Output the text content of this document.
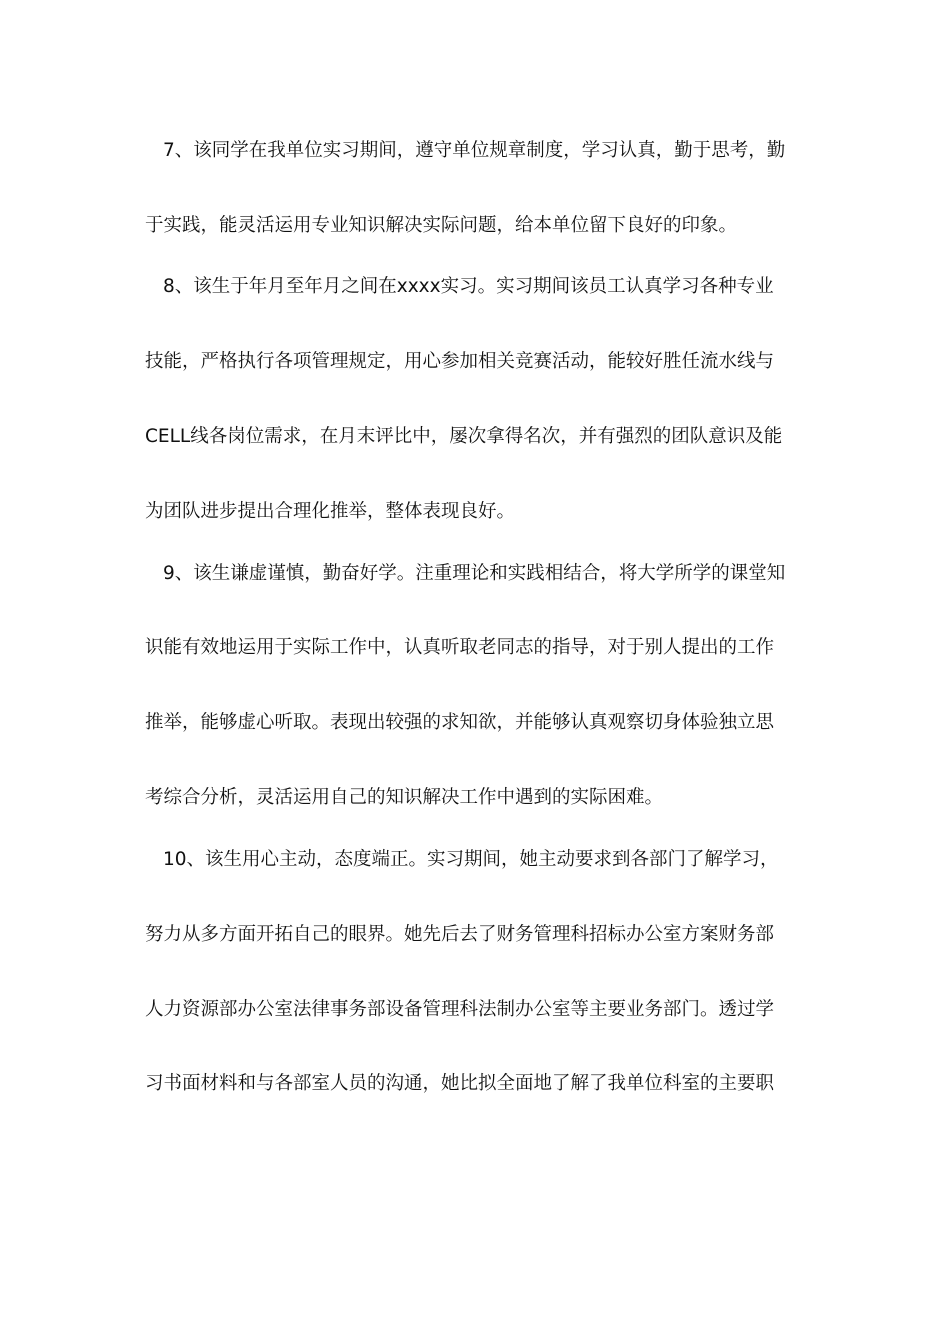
7、该同学在我单位实习期间，遵守单位规章制度，学习认真，勤于思考，勤
于实践，能灵活运用专业知识解决实际问题，给本单位留下良好的印象。
8、该生于年月至年月之间在xxxx实习。实习期间该员工认真学习各种专业
技能，严格执行各项管理规定，用心参加相关竞赛活动，能较好胜任流水线与
CELL线各岗位需求，在月末评比中，屡次拿得名次，并有强烈的团队意识及能
为团队进步提出合理化推举，整体表现良好。
9、该生谦虚谨慎，勤奋好学。注重理论和实践相结合，将大学所学的课堂知
识能有效地运用于实际工作中，认真听取老同志的指导，对于别人提出的工作
推举，能够虚心听取。表现出较强的求知欲，并能够认真观察切身体验独立思
考综合分析，灵活运用自己的知识解决工作中遇到的实际困难。
10、该生用心主动，态度端正。实习期间，她主动要求到各部门了解学习，
努力从多方面开拓自己的眼界。她先后去了财务管理科招标办公室方案财务部
人力资源部办公室法律事务部设备管理科法制办公室等主要业务部门。透过学
习书面材料和与各部室人员的沟通，她比拟全面地了解了我单位科室的主要职
